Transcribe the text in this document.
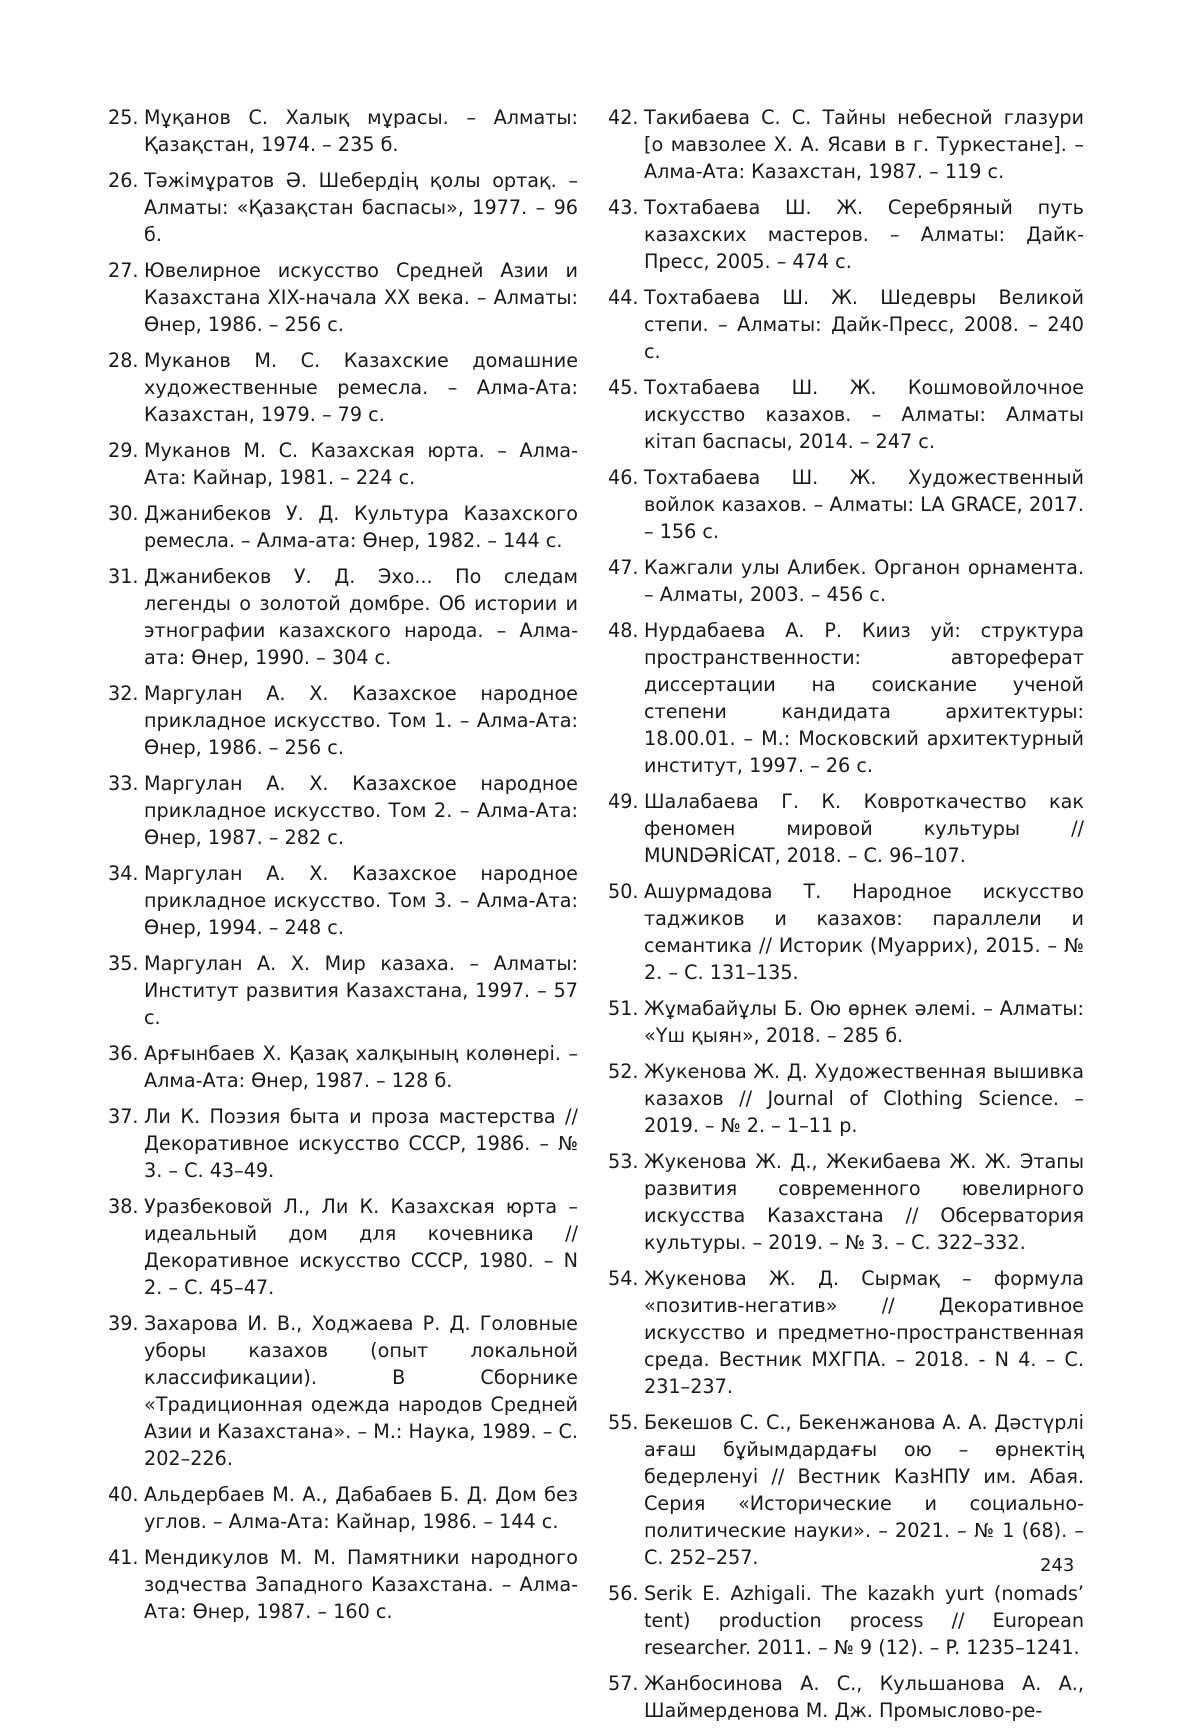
25. Мұқанов С. Халық мұрасы. – Алматы: Қазақстан, 1974. – 235 б.
26. Тәжімұратов Ә. Шебердің қолы ортақ. – Алматы: «Қазақстан баспасы», 1977. – 96 б.
27. Ювелирное искусство Средней Азии и Казахстана XIX-начала XX века. – Алматы: Өнер, 1986. – 256 с.
28. Муканов М. С. Казахские домашние художественные ремесла. – Алма-Ата: Казахстан, 1979. – 79 с.
29. Муканов М. С. Казахская юрта. – Алма-Ата: Кайнар, 1981. – 224 с.
30. Джанибеков У. Д. Культура Казахского ремесла. – Алма-ата: Өнер, 1982. – 144 с.
31. Джанибеков У. Д. Эхо... По следам легенды о золотой домбре. Об истории и этнографии казахского народа. – Алма-ата: Өнер, 1990. – 304 с.
32. Маргулан А. Х. Казахское народное прикладное искусство. Том 1. – Алма-Ата: Өнер, 1986. – 256 с.
33. Маргулан А. Х. Казахское народное прикладное искусство. Том 2. – Алма-Ата: Өнер, 1987. – 282 с.
34. Маргулан А. Х. Казахское народное прикладное искусство. Том 3. – Алма-Ата: Өнер, 1994. – 248 с.
35. Маргулан А. Х. Мир казаха. – Алматы: Институт развития Казахстана, 1997. – 57 с.
36. Арғынбаев Х. Қазақ халқының колөнері. – Алма-Ата: Өнер, 1987. – 128 б.
37. Ли К. Поэзия быта и проза мастерства // Декоративное искусство СССР, 1986. – № 3. – С. 43–49.
38. Уразбековой Л., Ли К. Казахская юрта – идеальный дом для кочевника // Декоративное искусство СССР, 1980. – N 2. – С. 45–47.
39. Захарова И. В., Ходжаева Р. Д. Головные уборы казахов (опыт локальной классификации). В Сборнике «Традиционная одежда народов Средней Азии и Казахстана». – М.: Наука, 1989. – С. 202–226.
40. Альдербаев М. А., Дабабаев Б. Д. Дом без углов. – Алма-Ата: Кайнар, 1986. – 144 с.
41. Мендикулов М. М. Памятники народного зодчества Западного Казахстана. – Алма-Ата: Өнер, 1987. – 160 с.
42. Такибаева С. С. Тайны небесной глазури [о мавзолее Х. А. Ясави в г. Туркестане]. – Алма-Ата: Казахстан, 1987. – 119 с.
43. Тохтабаева Ш. Ж. Серебряный путь казахских мастеров. – Алматы: Дайк-Пресс, 2005. – 474 с.
44. Тохтабаева Ш. Ж. Шедевры Великой степи. – Алматы: Дайк-Пресс, 2008. – 240 с.
45. Тохтабаева Ш. Ж. Кошмовойлочное искусство казахов. – Алматы: Алматы кітап баспасы, 2014. – 247 с.
46. Тохтабаева Ш. Ж. Художественный войлок казахов. – Алматы: LA GRACE, 2017. – 156 с.
47. Кажгали улы Алибек. Органон орнамента. – Алматы, 2003. – 456 с.
48. Нурдабаева А. Р. Кииз уй: структура пространственности: автореферат диссертации на соискание ученой степени кандидата архитектуры: 18.00.01. – М.: Московский архитектурный институт, 1997. – 26 с.
49. Шалабаева Г. К. Ковроткачество как феномен мировой культуры // MUNDƏRİCAT, 2018. – С. 96–107.
50. Ашурмадова Т. Народное искусство таджиков и казахов: параллели и семантика // Историк (Муаррих), 2015. – № 2. – С. 131–135.
51. Жұмабайұлы Б. Ою өрнек әлемі. – Алматы: «Үш қыян», 2018. – 285 б.
52. Жукенова Ж. Д. Художественная вышивка казахов // Journal of Clothing Science. – 2019. – № 2. – 1–11 p.
53. Жукенова Ж. Д., Жекибаева Ж. Ж. Этапы развития современного ювелирного искусства Казахстана // Обсерватория культуры. – 2019. – № 3. – С. 322–332.
54. Жукенова Ж. Д. Сырмақ – формула «позитив-негатив» // Декоративное искусство и предметно-пространственная среда. Вестник МХГПА. – 2018. - N 4. – С. 231–237.
55. Бекешов С. С., Бекенжанова А. А. Дәстүрлі ағаш бұйымдардағы ою – өрнектің бедерленуі // Вестник КазНПУ им. Абая. Серия «Исторические и социально-политические науки». – 2021. – № 1 (68). – С. 252–257.
56. Serik E. Azhigali. The kazakh yurt (nomads’ tent) production process // European researcher. 2011. – № 9 (12). – P. 1235–1241.
57. Жанбосинова А. С., Кульшанова А. А., Шаймерденова М. Дж. Промыслово-ре-
243
